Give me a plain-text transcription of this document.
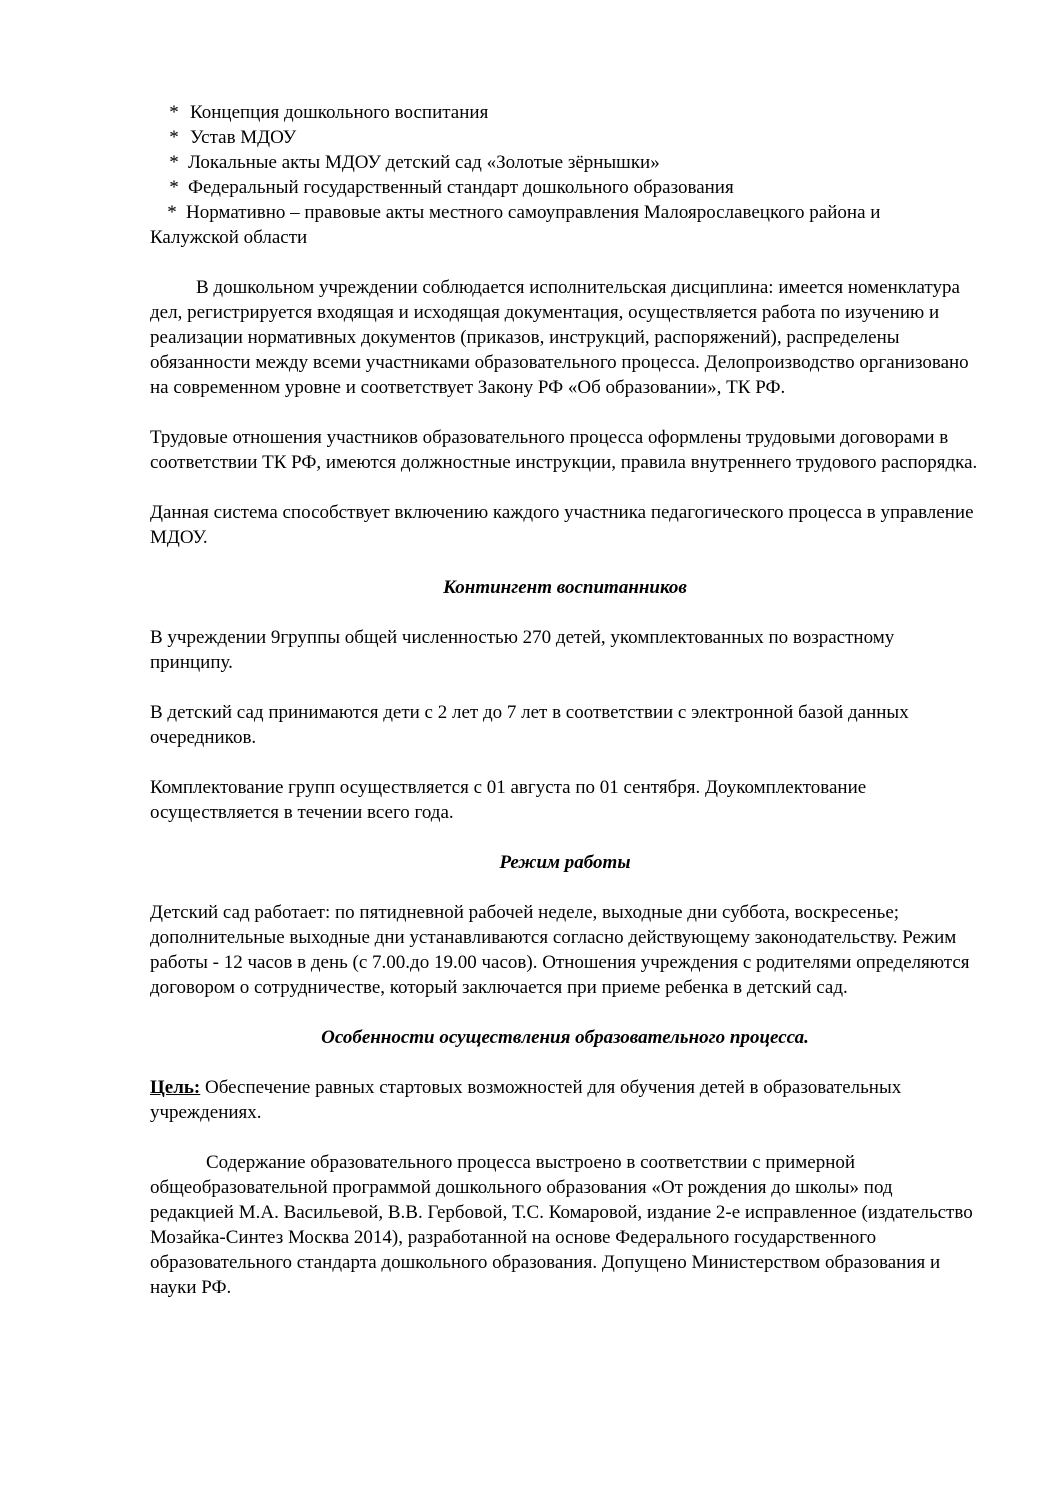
* Концепция дошкольного воспитания
* Устав МДОУ
* Локальные акты МДОУ детский сад «Золотые зёрнышки»
* Федеральный государственный стандарт дошкольного образования
* Нормативно – правовые акты местного самоуправления Малоярославецкого района и

Калужской области

В дошкольном учреждении соблюдается исполнительская дисциплина: имеется номенклатура дел, регистрируется входящая и исходящая документация, осуществляется работа по изучению и реализации нормативных документов (приказов, инструкций, распоряжений), распределены обязанности между всеми участниками образовательного процесса. Делопроизводство организовано на современном уровне и соответствует Закону РФ «Об образовании», ТК РФ.

Трудовые отношения участников образовательного процесса оформлены трудовыми договорами в соответствии ТК РФ, имеются должностные инструкции, правила внутреннего трудового распорядка.

Данная система способствует включению каждого участника педагогического процесса в управление МДОУ.

Контингент воспитанников

В учреждении 9группы общей численностью 270 детей, укомплектованных по возрастному принципу.

В детский сад принимаются дети с 2 лет до 7 лет в соответствии с электронной базой данных очередников.

Комплектование групп осуществляется с 01 августа по 01 сентября. Доукомплектование осуществляется в течении всего года.

Режим работы

Детский сад работает: по пятидневной рабочей неделе, выходные дни суббота, воскресенье; дополнительные выходные дни устанавливаются согласно действующему законодательству. Режим работы - 12 часов в день (с 7.00.до 19.00 часов). Отношения учреждения с родителями определяются договором о сотрудничестве, который заключается при приеме ребенка в детский сад.

Особенности осуществления образовательного процесса.

Цель: Обеспечение равных стартовых возможностей для обучения детей в образовательных учреждениях.

Содержание образовательного процесса выстроено в соответствии с примерной общеобразовательной программой дошкольного образования «От рождения до школы» под редакцией М.А. Васильевой, В.В. Гербовой, Т.С. Комаровой, издание 2-е исправленное (издательство Мозайка-Синтез Москва 2014), разработанной на основе Федерального государственного образовательного стандарта дошкольного образования. Допущено Министерством образования и науки РФ.
